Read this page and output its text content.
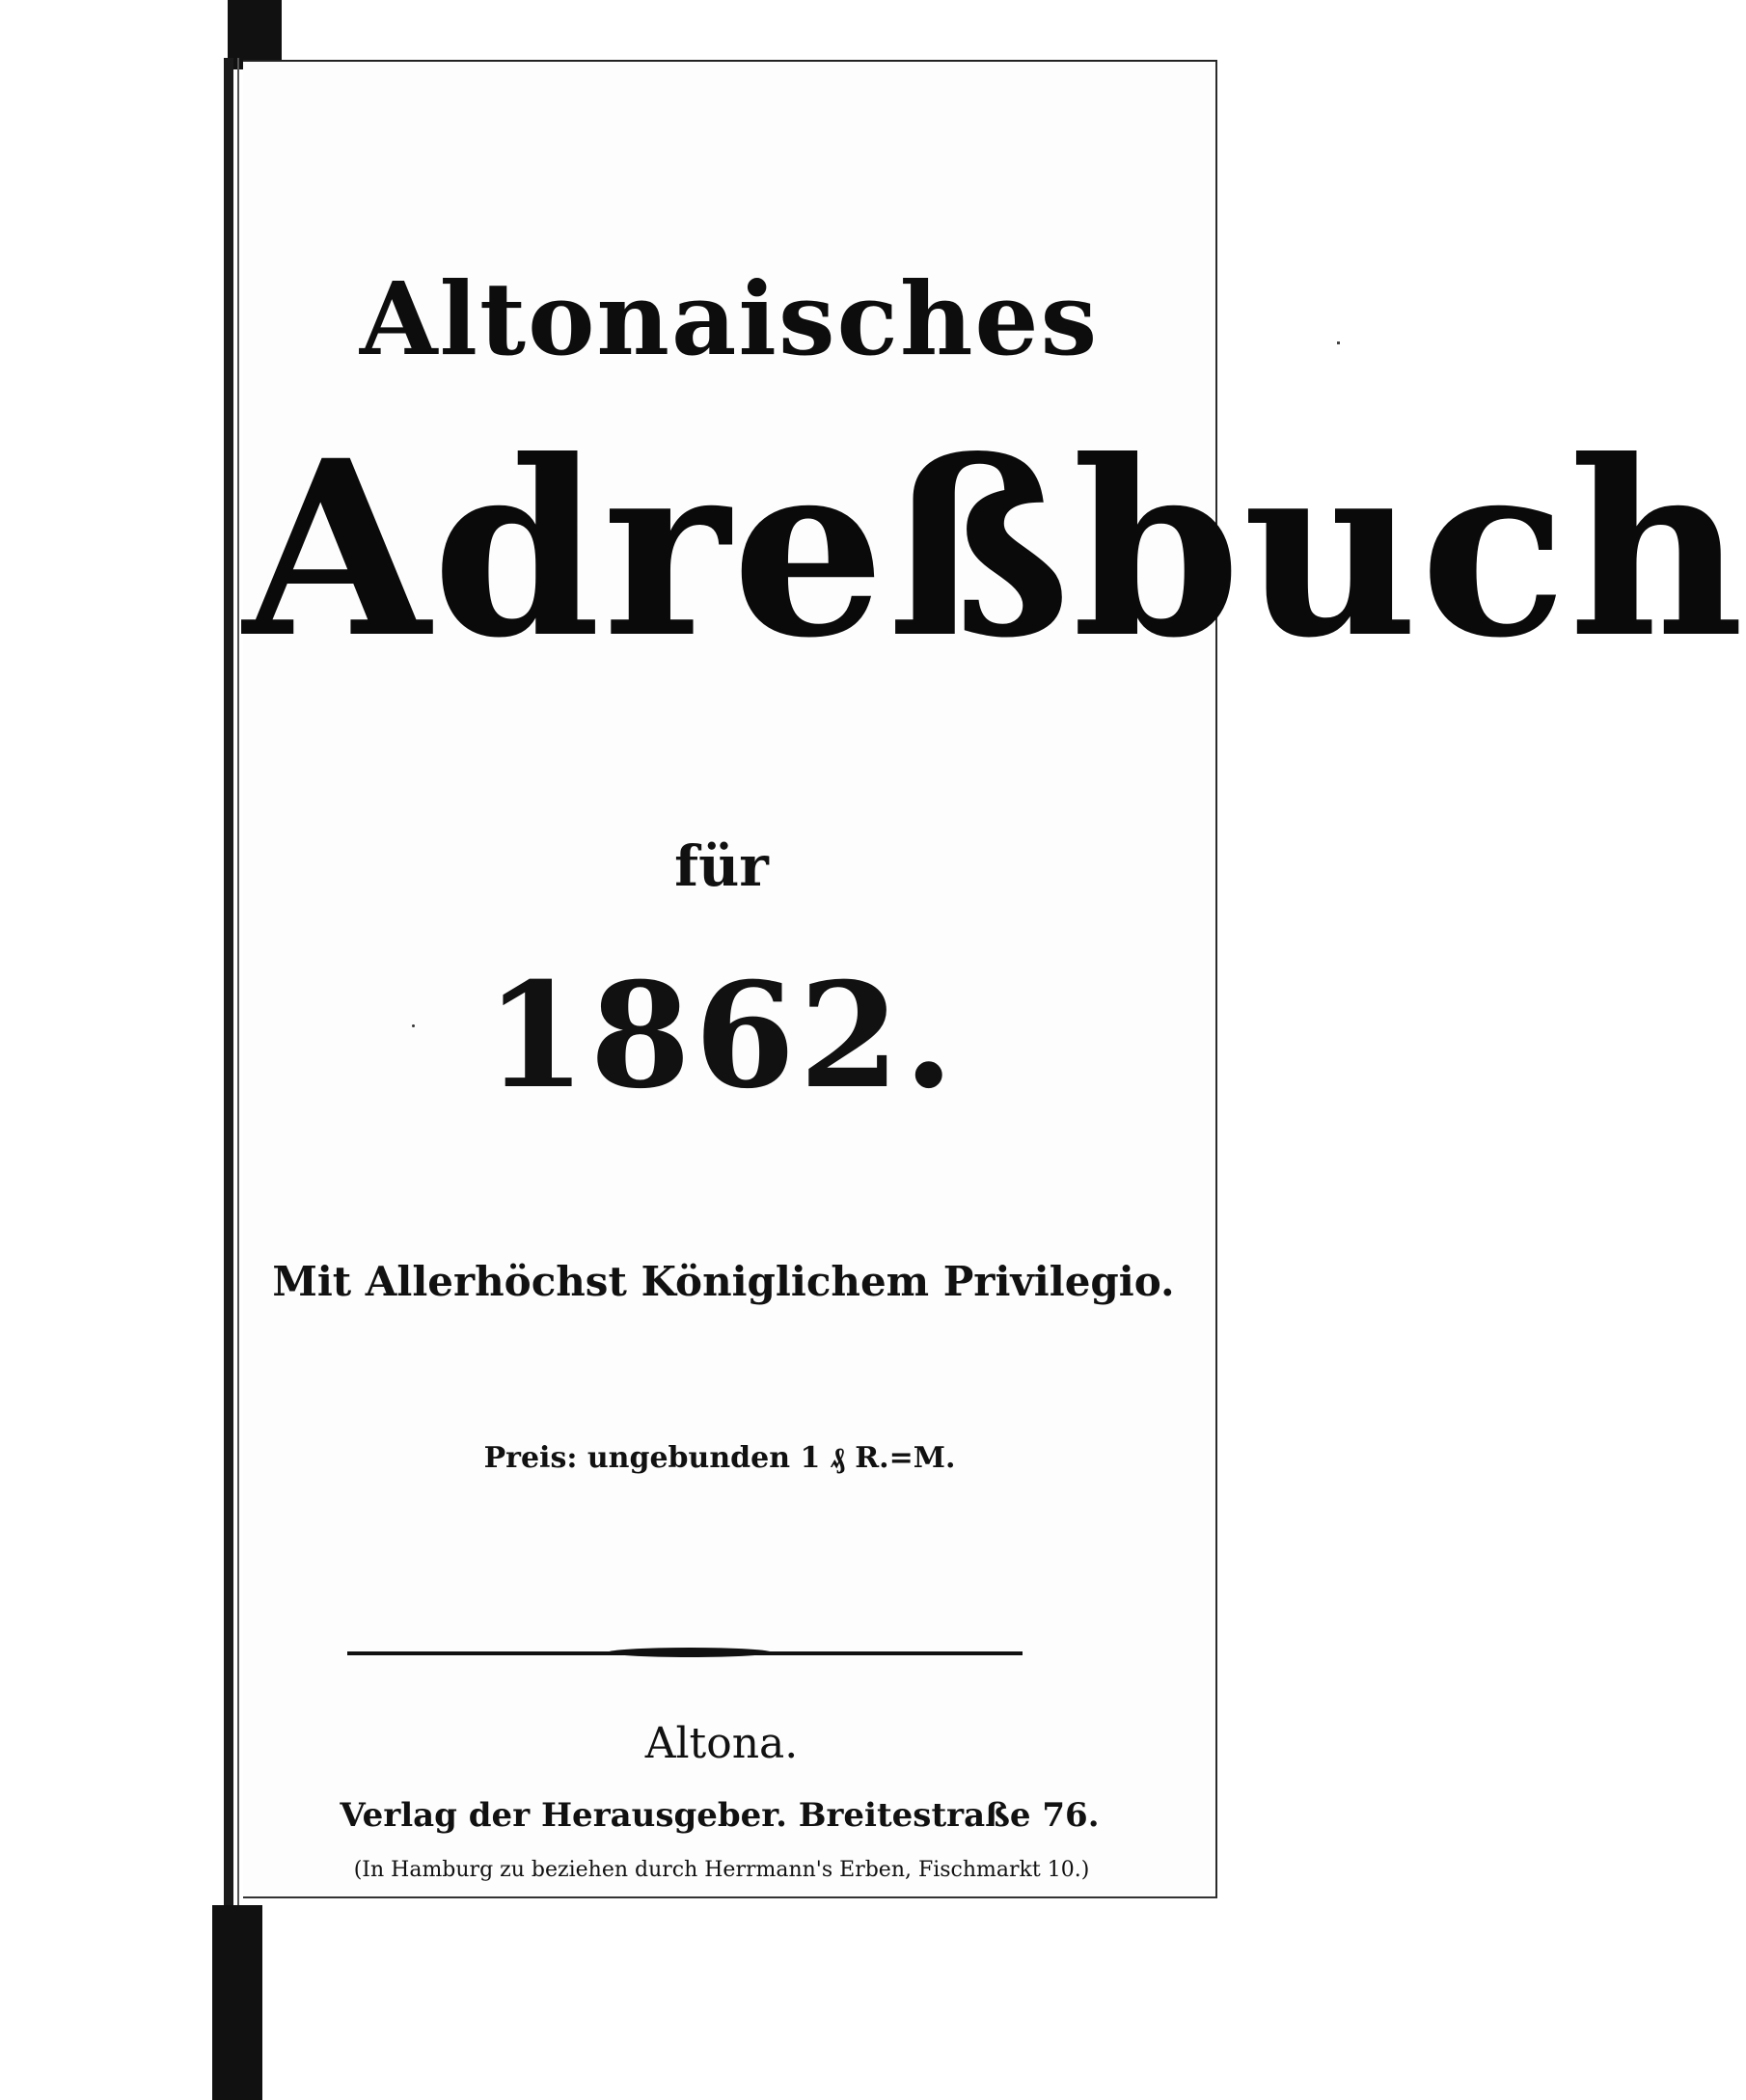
Altonaisches
Adreßbuch
für
1862.
Mit Allerhöchst Königlichem Privilegio.
Preis: ungebunden 1 ₰ R.=M.
Altona.
Verlag der Herausgeber. Breitestraße 76.
(In Hamburg zu beziehen durch Herrmann's Erben, Fischmarkt 10.)
